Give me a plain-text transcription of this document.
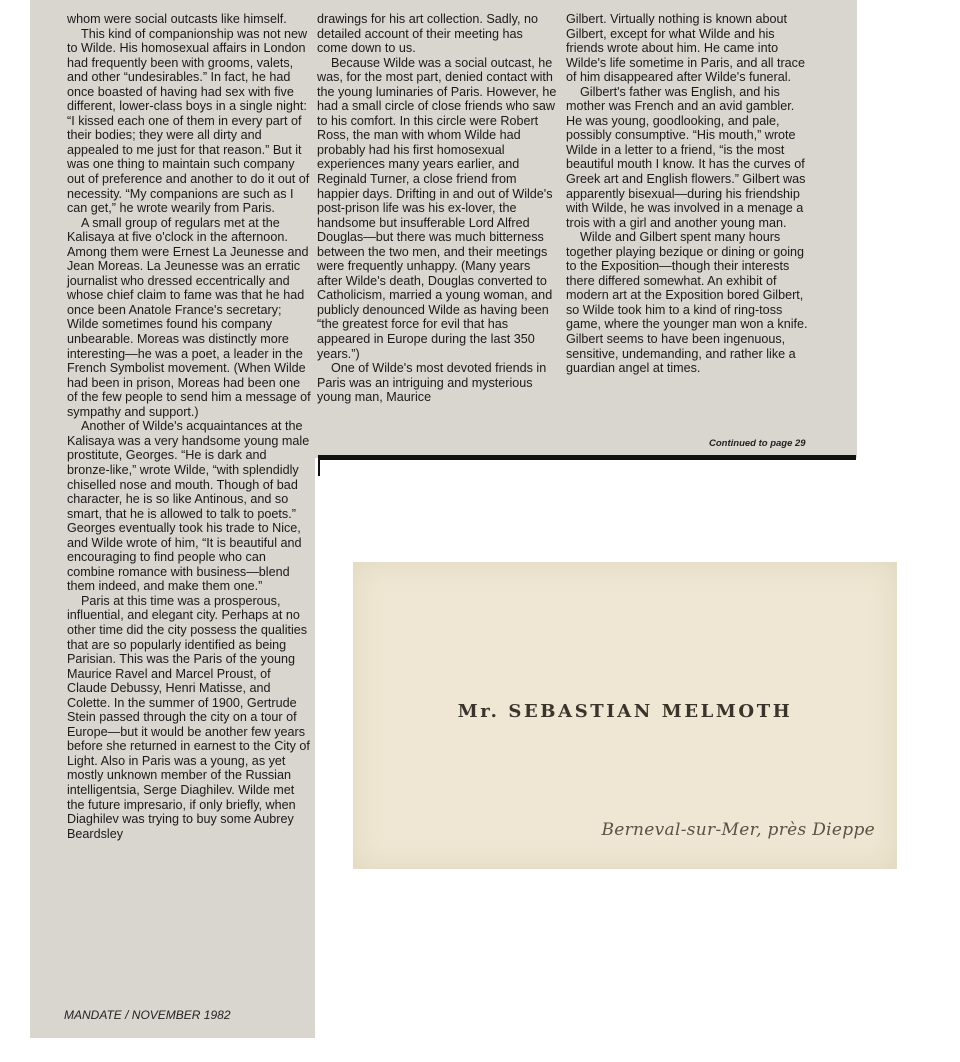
whom were social outcasts like himself.

This kind of companionship was not new to Wilde. His homosexual affairs in London had frequently been with grooms, valets, and other “undesirables.” In fact, he had once boasted of having had sex with five different, lower-class boys in a single night: “I kissed each one of them in every part of their bodies; they were all dirty and appealed to me just for that reason.” But it was one thing to maintain such company out of preference and another to do it out of necessity. “My companions are such as I can get,” he wrote wearily from Paris.

A small group of regulars met at the Kalisaya at five o'clock in the afternoon. Among them were Ernest La Jeunesse and Jean Moreas. La Jeunesse was an erratic journalist who dressed eccentrically and whose chief claim to fame was that he had once been Anatole France's secretary; Wilde sometimes found his company unbearable. Moreas was distinctly more interesting—he was a poet, a leader in the French Symbolist movement. (When Wilde had been in prison, Moreas had been one of the few people to send him a message of sympathy and support.)

Another of Wilde's acquaintances at the Kalisaya was a very handsome young male prostitute, Georges. “He is dark and bronze-like,” wrote Wilde, “with splendidly chiselled nose and mouth. Though of bad character, he is so like Antinous, and so smart, that he is allowed to talk to poets.” Georges eventually took his trade to Nice, and Wilde wrote of him, “It is beautiful and encouraging to find people who can combine romance with business—blend them indeed, and make them one.”

Paris at this time was a prosperous, influential, and elegant city. Perhaps at no other time did the city possess the qualities that are so popularly identified as being Parisian. This was the Paris of the young Maurice Ravel and Marcel Proust, of Claude Debussy, Henri Matisse, and Colette. In the summer of 1900, Gertrude Stein passed through the city on a tour of Europe—but it would be another few years before she returned in earnest to the City of Light. Also in Paris was a young, as yet mostly unknown member of the Russian intelligentsia, Serge Diaghilev. Wilde met the future impresario, if only briefly, when Diaghilev was trying to buy some Aubrey Beardsley

drawings for his art collection. Sadly, no detailed account of their meeting has come down to us.

Because Wilde was a social outcast, he was, for the most part, denied contact with the young luminaries of Paris. However, he had a small circle of close friends who saw to his comfort. In this circle were Robert Ross, the man with whom Wilde had probably had his first homosexual experiences many years earlier, and Reginald Turner, a close friend from happier days. Drifting in and out of Wilde's post-prison life was his ex-lover, the handsome but insufferable Lord Alfred Douglas—but there was much bitterness between the two men, and their meetings were frequently unhappy. (Many years after Wilde's death, Douglas converted to Catholicism, married a young woman, and publicly denounced Wilde as having been “the greatest force for evil that has appeared in Europe during the last 350 years.”)

One of Wilde's most devoted friends in Paris was an intriguing and mysterious young man, Maurice

Gilbert. Virtually nothing is known about Gilbert, except for what Wilde and his friends wrote about him. He came into Wilde's life sometime in Paris, and all trace of him disappeared after Wilde's funeral.

Gilbert's father was English, and his mother was French and an avid gambler. He was young, goodlooking, and pale, possibly consumptive. “His mouth,” wrote Wilde in a letter to a friend, “is the most beautiful mouth I know. It has the curves of Greek art and English flowers.” Gilbert was apparently bisexual—during his friendship with Wilde, he was involved in a menage a trois with a girl and another young man.

Wilde and Gilbert spent many hours together playing bezique or dining or going to the Exposition—though their interests there differed somewhat. An exhibit of modern art at the Exposition bored Gilbert, so Wilde took him to a kind of ring-toss game, where the younger man won a knife. Gilbert seems to have been ingenuous, sensitive, undemanding, and rather like a guardian angel at times.

Continued to page 29
MANDATE / NOVEMBER 1982
Mr. SEBASTIAN MELMOTH
Berneval-sur-Mer, près Dieppe
